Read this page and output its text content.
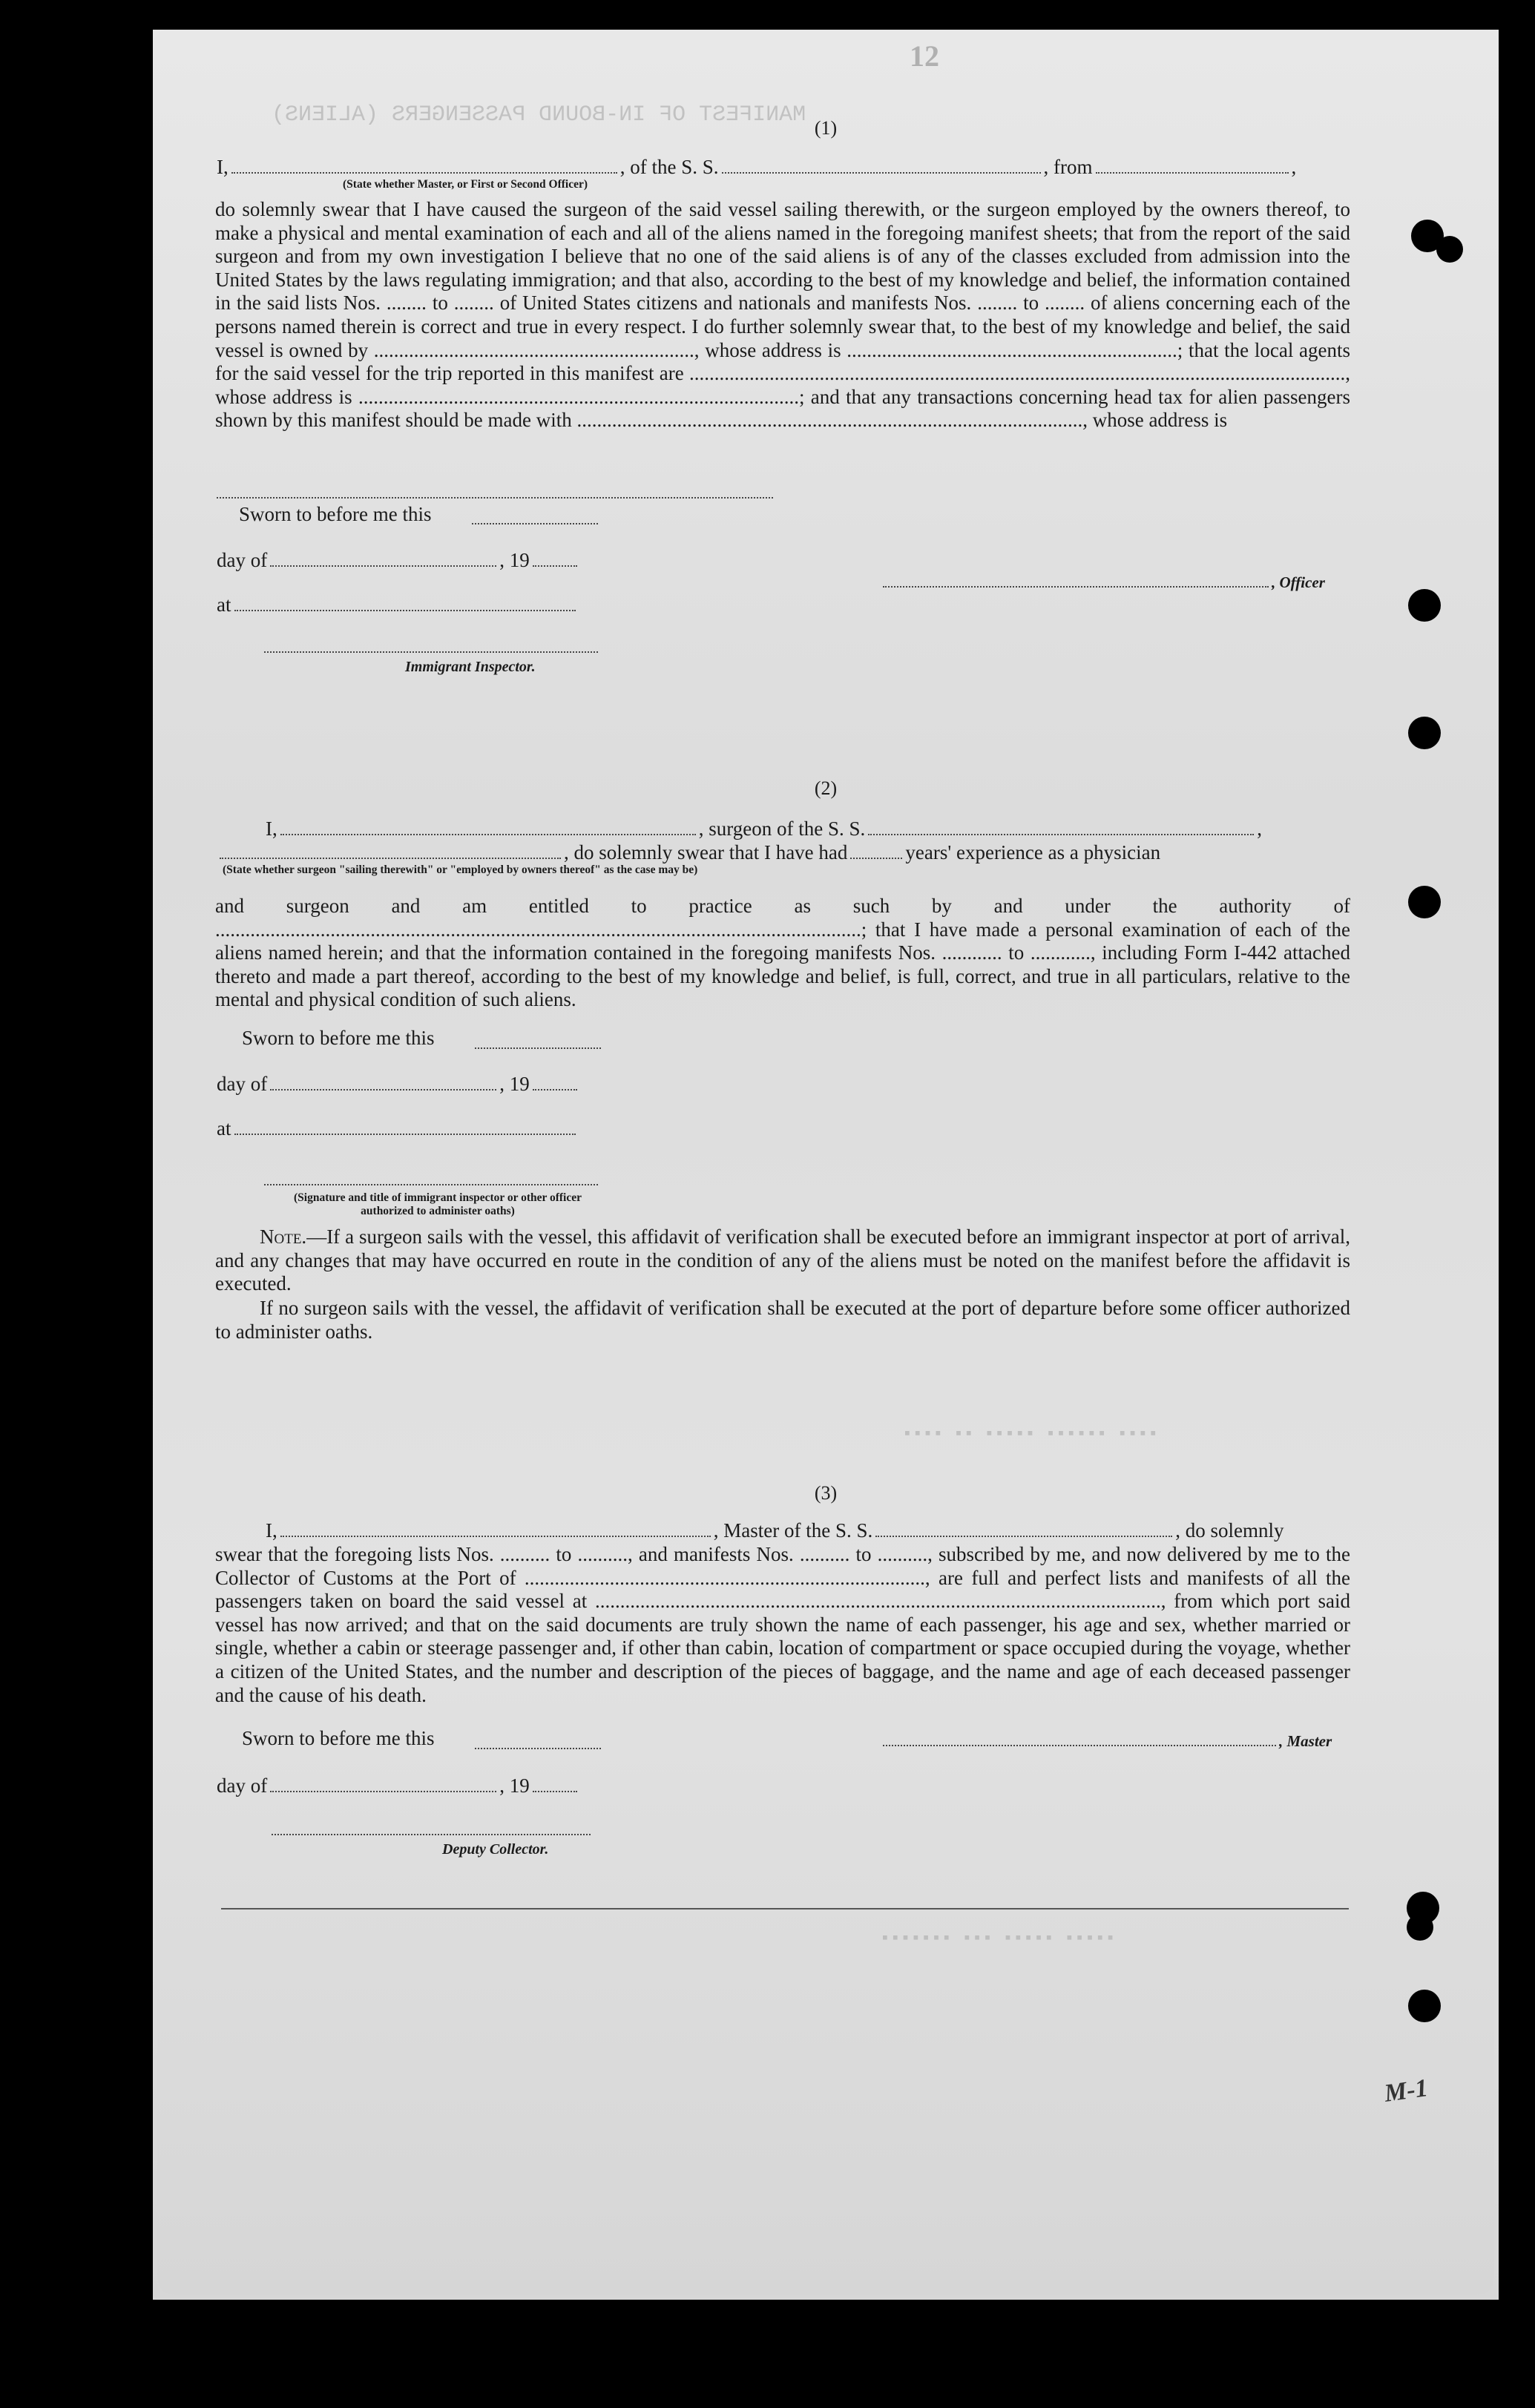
12
MANIFEST OF IN-BOUND PASSENGERS (ALIENS)
▪▪▪▪ ▪▪▪▪▪▪ ▪▪▪▪▪ ▪▪ ▪▪▪▪
▪▪▪▪▪ ▪▪▪▪▪ ▪▪▪ ▪▪▪▪▪▪▪
(1)
I,	, of the S. S.	, from	,
(State whether Master, or First or Second Officer)
do solemnly swear that I have caused the surgeon of the said vessel sailing therewith, or the surgeon employed by the owners thereof, to make a physical and mental examination of each and all of the aliens named in the foregoing manifest sheets; that from the report of the said surgeon and from my own investigation I believe that no one of the said aliens is of any of the classes excluded from admission into the United States by the laws regulating immigration; and that also, according to the best of my knowledge and belief, the information contained in the said lists Nos. ........ to ........ of United States citizens and nationals and manifests Nos. ........ to ........ of aliens concerning each of the persons named therein is correct and true in every respect. I do further solemnly swear that, to the best of my knowledge and belief, the said vessel is owned by ................................................................, whose address is ..................................................................; that the local agents for the said vessel for the trip reported in this manifest are ..................................................................................................................................., whose address is ........................................................................................; and that any transactions concerning head tax for alien passengers shown by this manifest should be made with ....................................................................................................., whose address is
Sworn to before me this
day of	, 19
, Officer
at
Immigrant Inspector.
(2)
I,	, surgeon of the S. S.	,
, do solemnly swear that I have had	years' experience as a physician
(State whether surgeon "sailing therewith" or "employed by owners thereof" as the case may be)
and surgeon and am entitled to practice as such by and under the authority of .................................................................................................................................; that I have made a personal examination of each of the aliens named herein; and that the information contained in the foregoing manifests Nos. ............ to ............, including Form I-442 attached thereto and made a part thereof, according to the best of my knowledge and belief, is full, correct, and true in all particulars, relative to the mental and physical condition of such aliens.
Sworn to before me this
day of	, 19
at
(Signature and title of immigrant inspector or other officer authorized to administer oaths)
Note.—If a surgeon sails with the vessel, this affidavit of verification shall be executed before an immigrant inspector at port of arrival, and any changes that may have occurred en route in the condition of any of the aliens must be noted on the manifest before the affidavit is executed.
If no surgeon sails with the vessel, the affidavit of verification shall be executed at the port of departure before some officer authorized to administer oaths.
(3)
I,	, Master of the S. S.	, do solemnly
swear that the foregoing lists Nos. .......... to .........., and manifests Nos. .......... to .........., subscribed by me, and now delivered by me to the Collector of Customs at the Port of ................................................................................, are full and perfect lists and manifests of all the passengers taken on board the said vessel at ................................................................................................................., from which port said vessel has now arrived; and that on the said documents are truly shown the name of each passenger, his age and sex, whether married or single, whether a cabin or steerage passenger and, if other than cabin, location of compartment or space occupied during the voyage, whether a citizen of the United States, and the number and description of the pieces of baggage, and the name and age of each deceased passenger and the cause of his death.
Sworn to before me this	, Master
day of	, 19
Deputy Collector.
M-1
